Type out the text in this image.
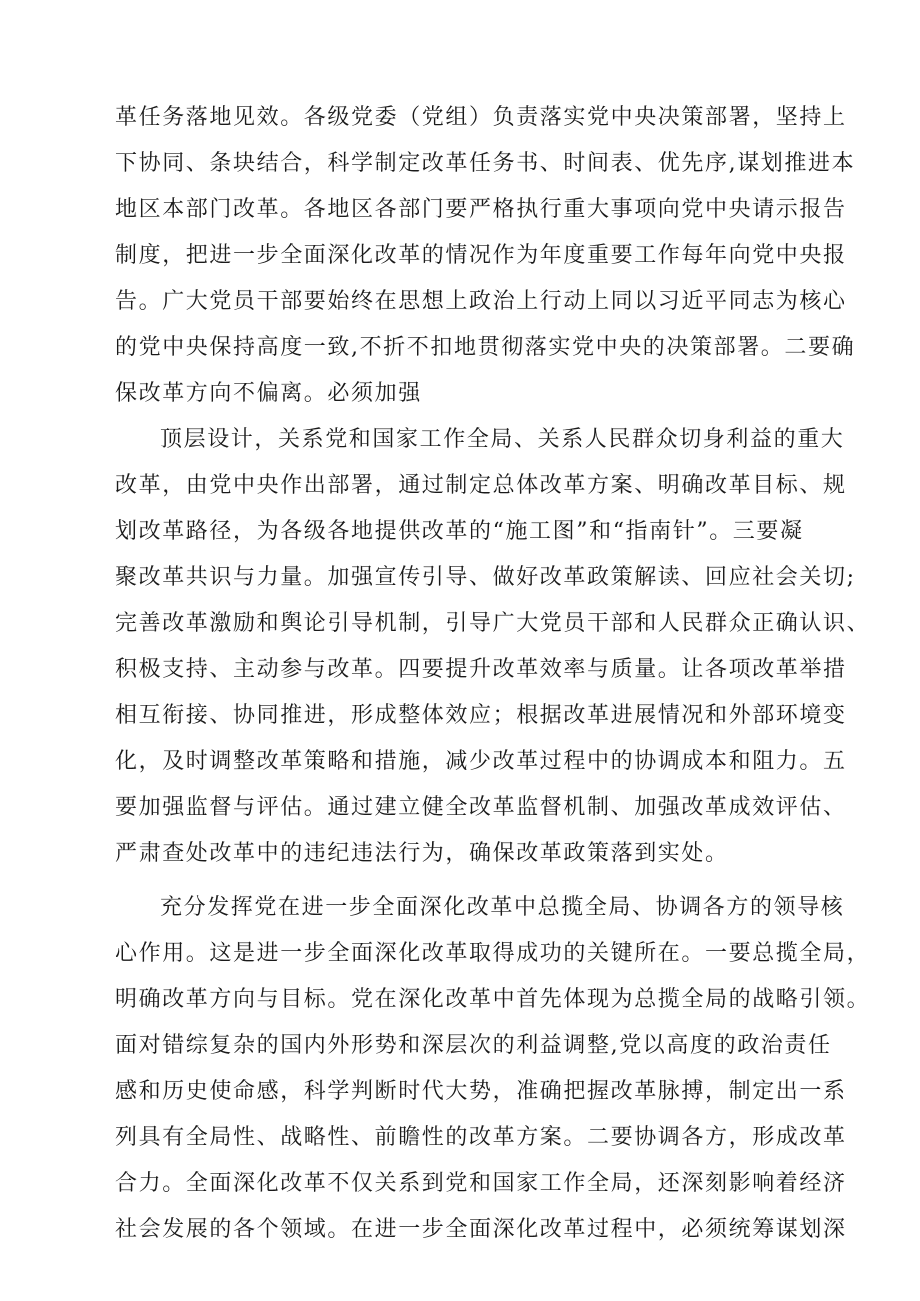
革任务落地见效。各级党委（党组）负责落实党中央决策部署，坚持上
下协同、条块结合，科学制定改革任务书、时间表、优先序,谋划推进本
地区本部门改革。各地区各部门要严格执行重大事项向党中央请示报告
制度，把进一步全面深化改革的情况作为年度重要工作每年向党中央报
告。广大党员干部要始终在思想上政治上行动上同以习近平同志为核心
的党中央保持高度一致,不折不扣地贯彻落实党中央的决策部署。二要确
保改革方向不偏离。必须加强
顶层设计，关系党和国家工作全局、关系人民群众切身利益的重大
改革，由党中央作出部署，通过制定总体改革方案、明确改革目标、规
划改革路径，为各级各地提供改革的“施工图”和“指南针”。三要凝
聚改革共识与力量。加强宣传引导、做好改革政策解读、回应社会关切;
完善改革激励和舆论引导机制，引导广大党员干部和人民群众正确认识、
积极支持、主动参与改革。四要提升改革效率与质量。让各项改革举措
相互衔接、协同推进，形成整体效应；根据改革进展情况和外部环境变
化，及时调整改革策略和措施，减少改革过程中的协调成本和阻力。五
要加强监督与评估。通过建立健全改革监督机制、加强改革成效评估、
严肃查处改革中的违纪违法行为，确保改革政策落到实处。
充分发挥党在进一步全面深化改革中总揽全局、协调各方的领导核
心作用。这是进一步全面深化改革取得成功的关键所在。一要总揽全局，
明确改革方向与目标。党在深化改革中首先体现为总揽全局的战略引领。
面对错综复杂的国内外形势和深层次的利益调整,党以高度的政治责任
感和历史使命感，科学判断时代大势，准确把握改革脉搏，制定出一系
列具有全局性、战略性、前瞻性的改革方案。二要协调各方，形成改革
合力。全面深化改革不仅关系到党和国家工作全局，还深刻影响着经济
社会发展的各个领域。在进一步全面深化改革过程中，必须统筹谋划深
